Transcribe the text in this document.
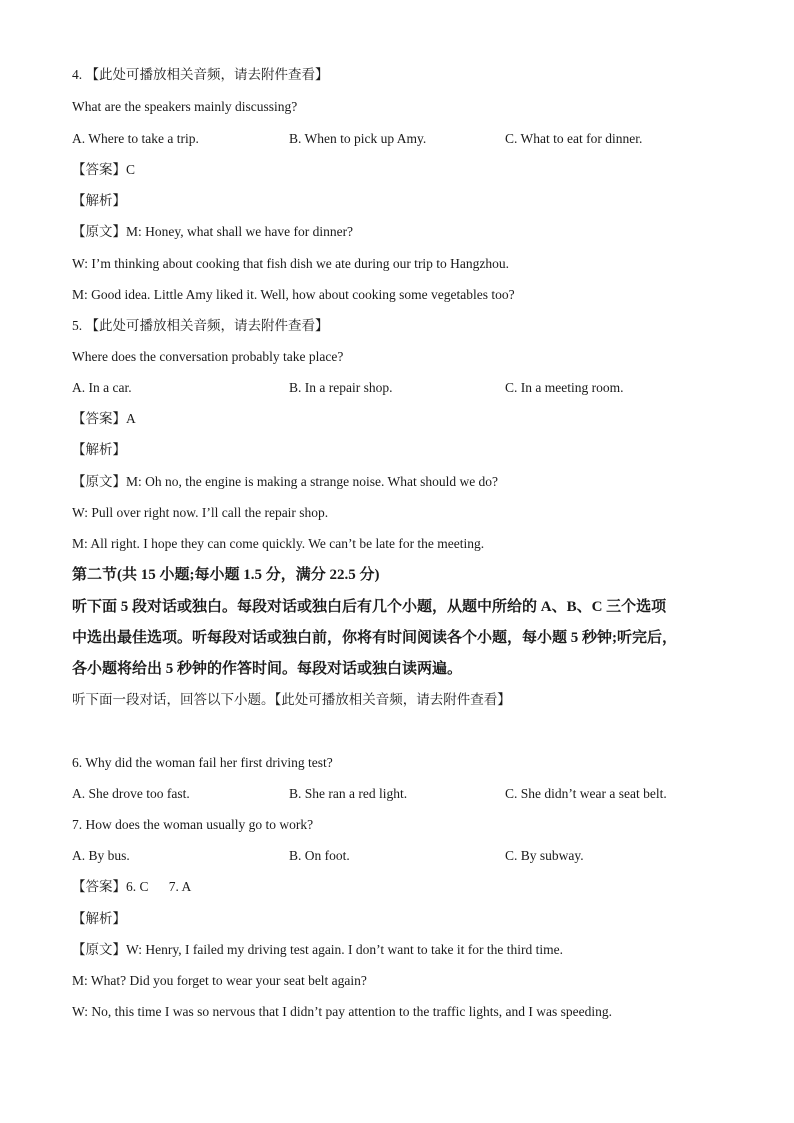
4. 【此处可播放相关音频，请去附件查看】
What are the speakers mainly discussing?
A. Where to take a trip.	B. When to pick up Amy.	C. What to eat for dinner.
【答案】C
【解析】
【原文】M: Honey, what shall we have for dinner?
W: I’m thinking about cooking that fish dish we ate during our trip to Hangzhou.
M: Good idea. Little Amy liked it. Well, how about cooking some vegetables too?
5. 【此处可播放相关音频，请去附件查看】
Where does the conversation probably take place?
A. In a car.	B. In a repair shop.	C. In a meeting room.
【答案】A
【解析】
【原文】M: Oh no, the engine is making a strange noise. What should we do?
W: Pull over right now. I’ll call the repair shop.
M: All right. I hope they can come quickly. We can’t be late for the meeting.
第二节(共 15 小题;每小题 1.5 分，满分 22.5 分)
听下面 5 段对话或独白。每段对话或独白后有几个小题，从题中所给的 A、B、C 三个选项
中选出最佳选项。听每段对话或独白前，你将有时间阅读各个小题，每小题 5 秒钟;听完后，
各小题将给出 5 秒钟的作答时间。每段对话或独白读两遍。
听下面一段对话，回答以下小题。【此处可播放相关音频，请去附件查看】
6. Why did the woman fail her first driving test?
A. She drove too fast.	B. She ran a red light.	C. She didn’t wear a seat belt.
7. How does the woman usually go to work?
A. By bus.	B. On foot.	C. By subway.
【答案】6. C      7. A
【解析】
【原文】W: Henry, I failed my driving test again. I don’t want to take it for the third time.
M: What? Did you forget to wear your seat belt again?
W: No, this time I was so nervous that I didn’t pay attention to the traffic lights, and I was speeding.
